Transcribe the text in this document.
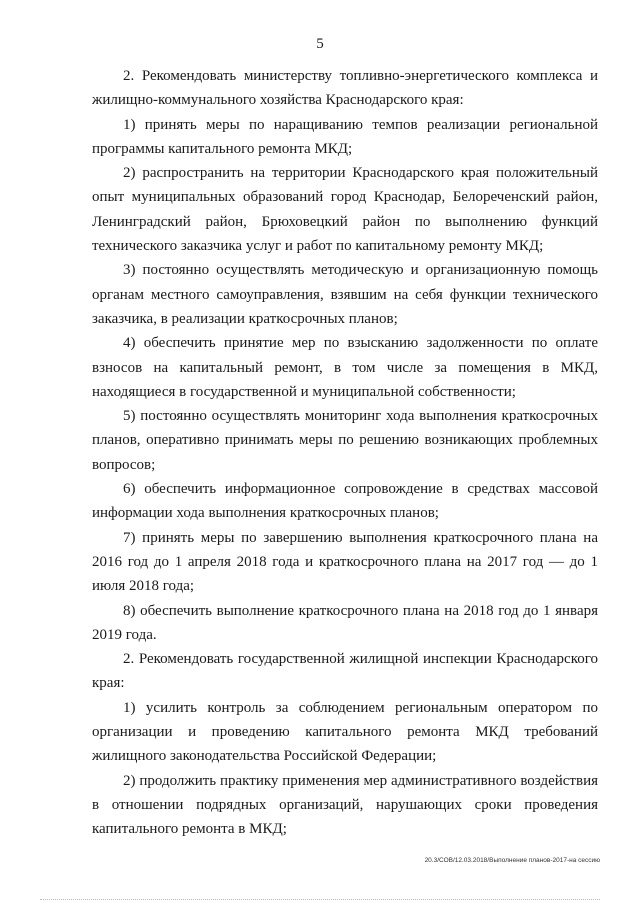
5

2. Рекомендовать министерству топливно-энергетического комплекса и жилищно-коммунального хозяйства Краснодарского края:

1) принять меры по наращиванию темпов реализации региональной программы капитального ремонта МКД;

2) распространить на территории Краснодарского края положительный опыт муниципальных образований город Краснодар, Белореченский район, Ленинградский район, Брюховецкий район по выполнению функций технического заказчика услуг и работ по капитальному ремонту МКД;

3) постоянно осуществлять методическую и организационную помощь органам местного самоуправления, взявшим на себя функции технического заказчика, в реализации краткосрочных планов;

4) обеспечить принятие мер по взысканию задолженности по оплате взносов на капитальный ремонт, в том числе за помещения в МКД, находящиеся в государственной и муниципальной собственности;

5) постоянно осуществлять мониторинг хода выполнения краткосрочных планов, оперативно принимать меры по решению возникающих проблемных вопросов;

6) обеспечить информационное сопровождение в средствах массовой информации хода выполнения краткосрочных планов;

7) принять меры по завершению выполнения краткосрочного плана на 2016 год до 1 апреля 2018 года и краткосрочного плана на 2017 год — до 1 июля 2018 года;

8) обеспечить выполнение краткосрочного плана на 2018 год до 1 января 2019 года.

2. Рекомендовать государственной жилищной инспекции Краснодарского края:

1) усилить контроль за соблюдением региональным оператором по организации и проведению капитального ремонта МКД требований жилищного законодательства Российской Федерации;

2) продолжить практику применения мер административного воздействия в отношении подрядных организаций, нарушающих сроки проведения капитального ремонта в МКД;

20.3/СОВ/12.03.2018/Выполнение планов-2017-на сессию
